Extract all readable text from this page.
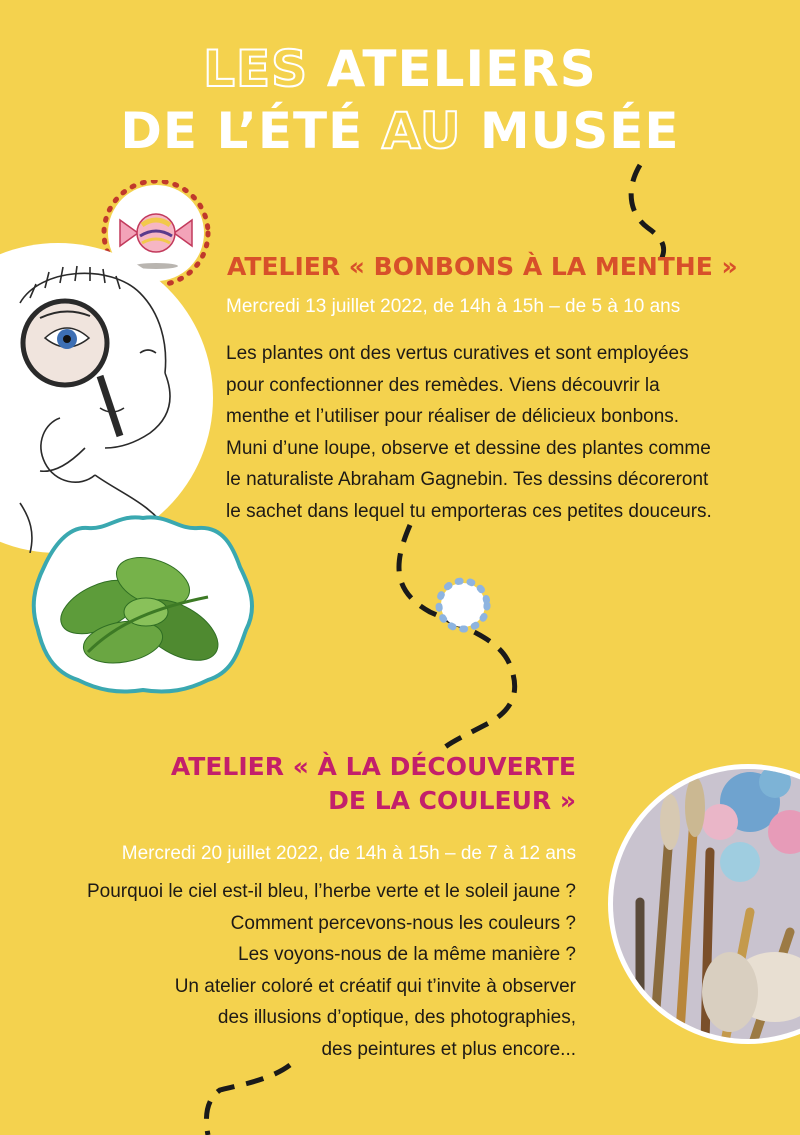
LES ATELIERS
DE L’ÉTÉ AU MUSÉE
ATELIER « BONBONS À LA MENTHE »
Mercredi 13 juillet 2022, de 14h à 15h – de 5 à 10 ans
Les plantes ont des vertus curatives et sont employées
pour confectionner des remèdes. Viens découvrir la
menthe et l’utiliser pour réaliser de délicieux bonbons.
Muni d’une loupe, observe et dessine des plantes comme
le naturaliste Abraham Gagnebin. Tes dessins décoreront
le sachet dans lequel tu emporteras ces petites douceurs.
ATELIER « À LA DÉCOUVERTE
DE LA COULEUR »
Mercredi 20 juillet 2022, de 14h à 15h – de 7 à 12 ans
Pourquoi le ciel est-il bleu, l’herbe verte et le soleil jaune ?
Comment percevons-nous les couleurs ?
Les voyons-nous de la même manière ?
Un atelier coloré et créatif qui t’invite à observer
des illusions d’optique, des photographies,
des peintures et plus encore...
